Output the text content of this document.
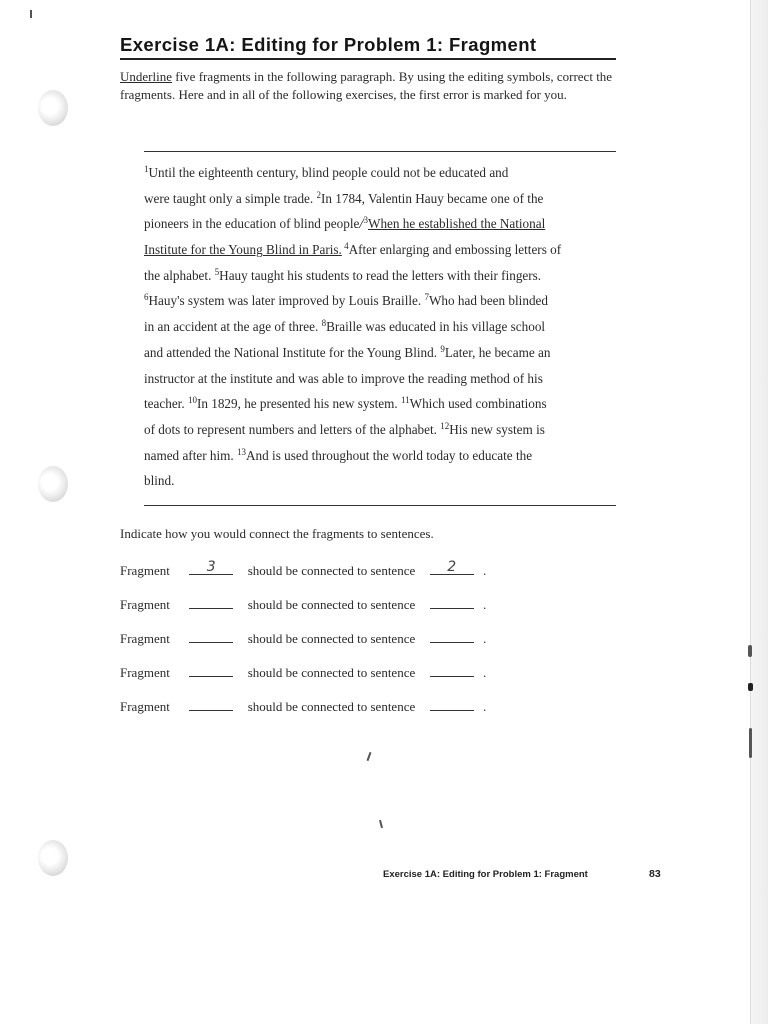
Exercise 1A: Editing for Problem 1: Fragment
Underline five fragments in the following paragraph. By using the editing symbols, correct the fragments. Here and in all of the following exercises, the first error is marked for you.
$^1$Until the eighteenth century, blind people could not be educated and
were taught only a simple trade. $^2$In 1784, Valentin Hauy became one of the
pioneers in the education of blind people/$^3$When he established the National
Institute for the Young Blind in Paris. $^4$After enlarging and embossing letters of
the alphabet. $^5$Hauy taught his students to read the letters with their fingers.
$^6$Hauy's system was later improved by Louis Braille. $^7$Who had been blinded
in an accident at the age of three. $^8$Braille was educated in his village school
and attended the National Institute for the Young Blind. $^9$Later, he became an
instructor at the institute and was able to improve the reading method of his
teacher. $^{10}$In 1829, he presented his new system. $^{11}$Which used combinations
of dots to represent numbers and letters of the alphabet. $^{12}$His new system is
named after him. $^{13}$And is used throughout the world today to educate the
blind.
Indicate how you would connect the fragments to sentences.
Fragment	3	should be connected to sentence	2	.
Fragment	should be connected to sentence	.
Fragment	should be connected to sentence	.
Fragment	should be connected to sentence	.
Fragment	should be connected to sentence	.
Exercise 1A: Editing for Problem 1: Fragment	83
